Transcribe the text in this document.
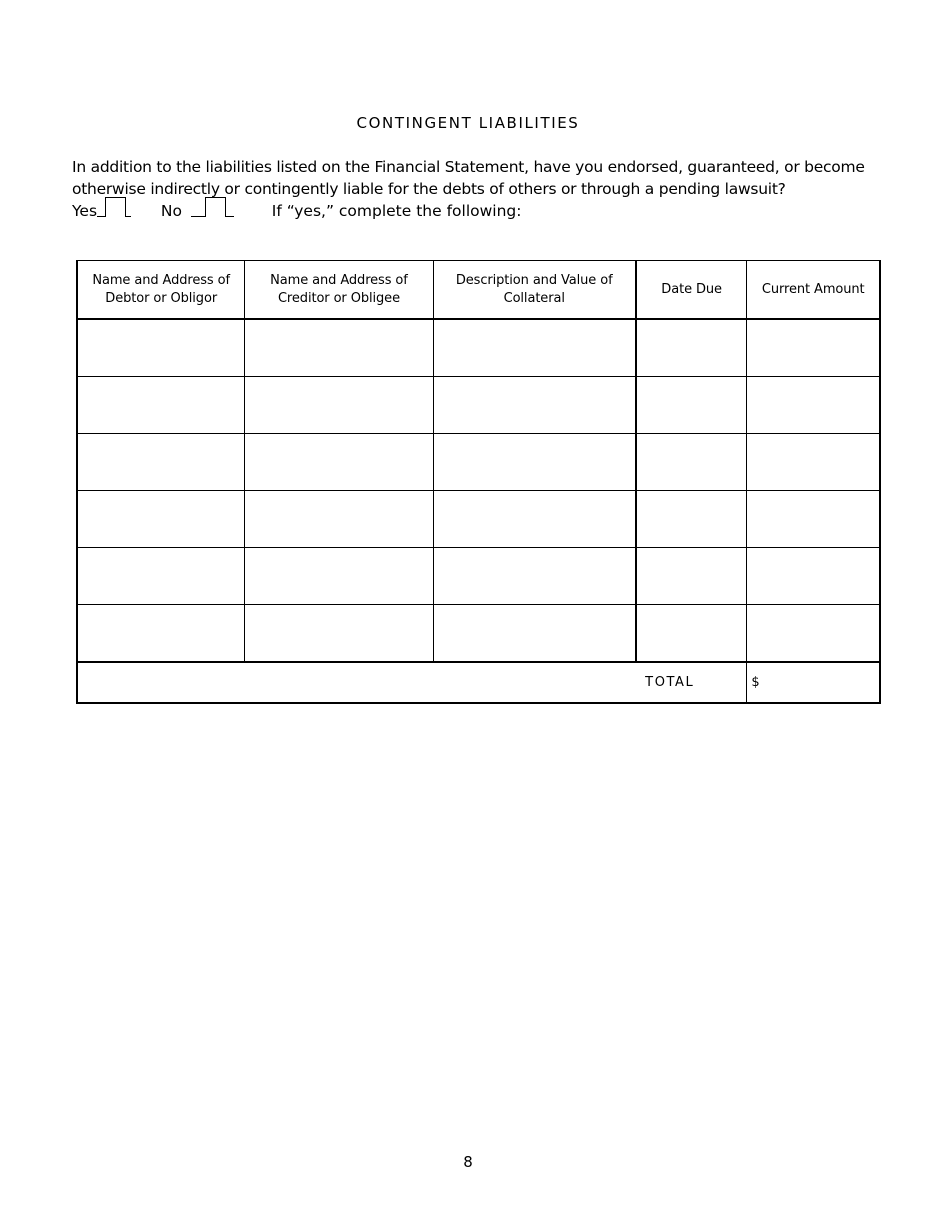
CONTINGENT LIABILITIES

In addition to the liabilities listed on the Financial Statement, have you endorsed, guaranteed, or become

otherwise indirectly or contingently liable for the debts of others or through a pending lawsuit?

Yes	No	If “yes,” complete the following:
Name and Address of
Debtor or Obligor	Name and Address of
Creditor or Obligee	Description and Value of
Collateral	Date Due	Current Amount

TOTAL				$
8
